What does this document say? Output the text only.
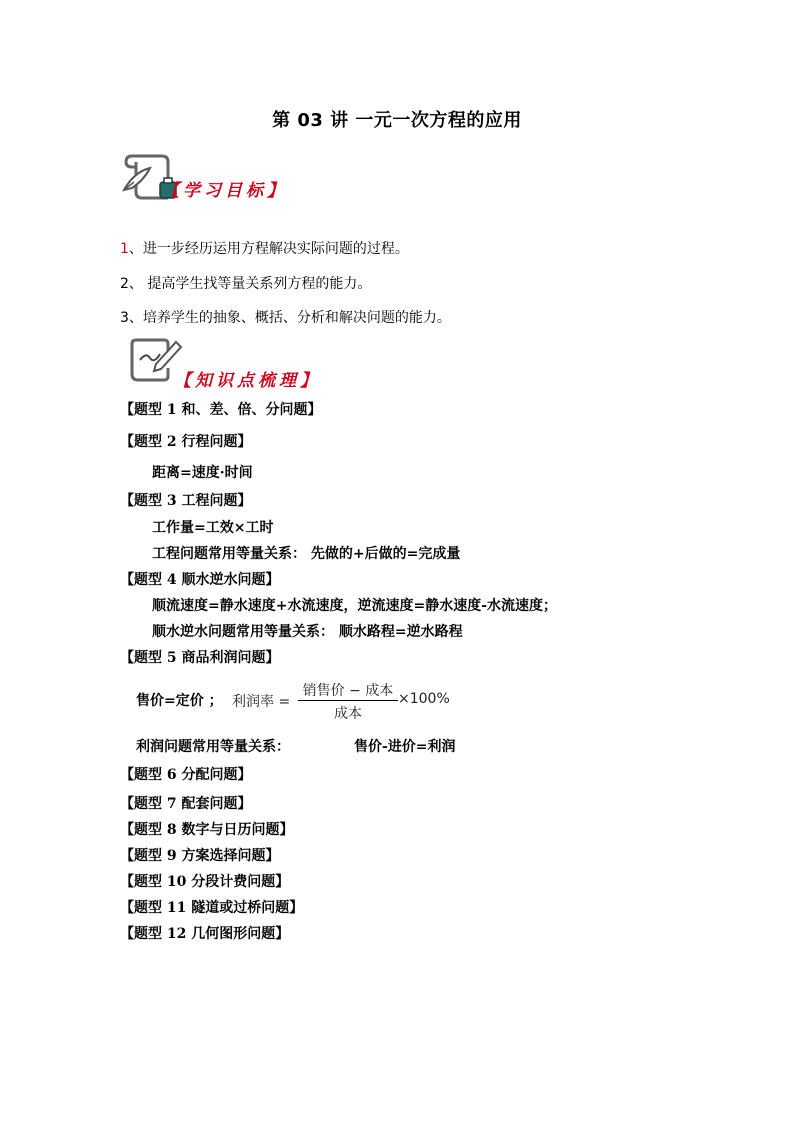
第 03 讲 一元一次方程的应用
【学习目标】
1、进一步经历运用方程解决实际问题的过程。
2、 提高学生找等量关系列方程的能力。
3、培养学生的抽象、概括、分析和解决问题的能力。
【知识点梳理】
【题型 1 和、差、倍、分问题】
【题型 2 行程问题】
距离=速度·时间
【题型 3 工程问题】
工作量=工效×工时
工程问题常用等量关系： 先做的+后做的=完成量
【题型 4 顺水逆水问题】
顺流速度=静水速度+水流速度，逆流速度=静水速度-水流速度；
顺水逆水问题常用等量关系： 顺水路程=逆水路程
【题型 5 商品利润问题】
售价=定价 ； 利润率 =
销售价 − 成本
成本
×100%
利润问题常用等量关系：	售价-进价=利润
【题型 6 分配问题】
【题型 7 配套问题】
【题型 8 数字与日历问题】
【题型 9 方案选择问题】
【题型 10 分段计费问题】
【题型 11 隧道或过桥问题】
【题型 12 几何图形问题】
